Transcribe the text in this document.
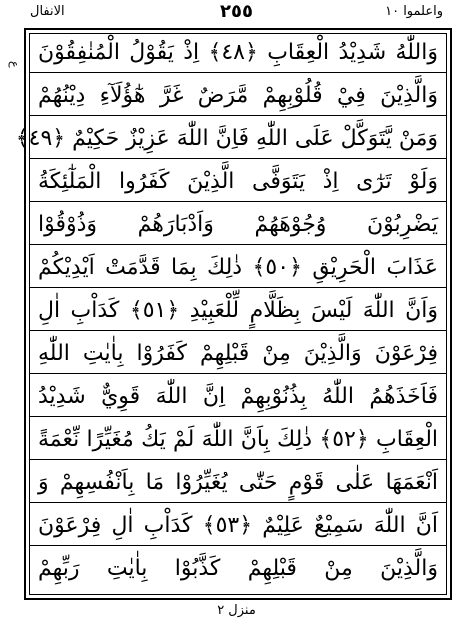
الانفال	٢٥٥	واعلموا ١٠
ع وَاللّٰهُ شَدِيْدُ الْعِقَابِ ﴿٤٨﴾ اِذْ يَقُوْلُ الْمُنٰفِقُوْنَ
وَالَّذِيْنَ فِيْ قُلُوْبِهِمْ مَّرَضٌ غَرَّ هٰٓؤُلَآءِ دِيْنُهُمْ
وَمَنْ يَّتَوَكَّلْ عَلَى اللّٰهِ فَاِنَّ اللّٰهَ عَزِيْزٌ حَكِيْمٌ ﴿٤٩﴾
وَلَوْ تَرٰٓى اِذْ يَتَوَفَّى الَّذِيْنَ كَفَرُوا الْمَلٰٓئِكَةُ
يَضْرِبُوْنَ وُجُوْهَهُمْ وَاَدْبَارَهُمْ وَذُوْقُوْا
عَذَابَ الْحَرِيْقِ ﴿٥٠﴾ ذٰلِكَ بِمَا قَدَّمَتْ اَيْدِيْكُمْ
وَاَنَّ اللّٰهَ لَيْسَ بِظَلَّامٍ لِّلْعَبِيْدِ ﴿٥١﴾ كَدَاْبِ اٰلِ
فِرْعَوْنَ وَالَّذِيْنَ مِنْ قَبْلِهِمْ كَفَرُوْا بِاٰيٰتِ اللّٰهِ
فَاَخَذَهُمُ اللّٰهُ بِذُنُوْبِهِمْ اِنَّ اللّٰهَ قَوِيٌّ شَدِيْدُ
الْعِقَابِ ﴿٥٢﴾ ذٰلِكَ بِاَنَّ اللّٰهَ لَمْ يَكُ مُغَيِّرًا نِّعْمَةً
اَنْعَمَهَا عَلٰى قَوْمٍ حَتّٰى يُغَيِّرُوْا مَا بِاَنْفُسِهِمْ وَ
اَنَّ اللّٰهَ سَمِيْعٌ عَلِيْمٌ ﴿٥٣﴾ كَدَاْبِ اٰلِ فِرْعَوْنَ
وَالَّذِيْنَ مِنْ قَبْلِهِمْ كَذَّبُوْا بِاٰيٰتِ رَبِّهِمْ
منزل ٢
